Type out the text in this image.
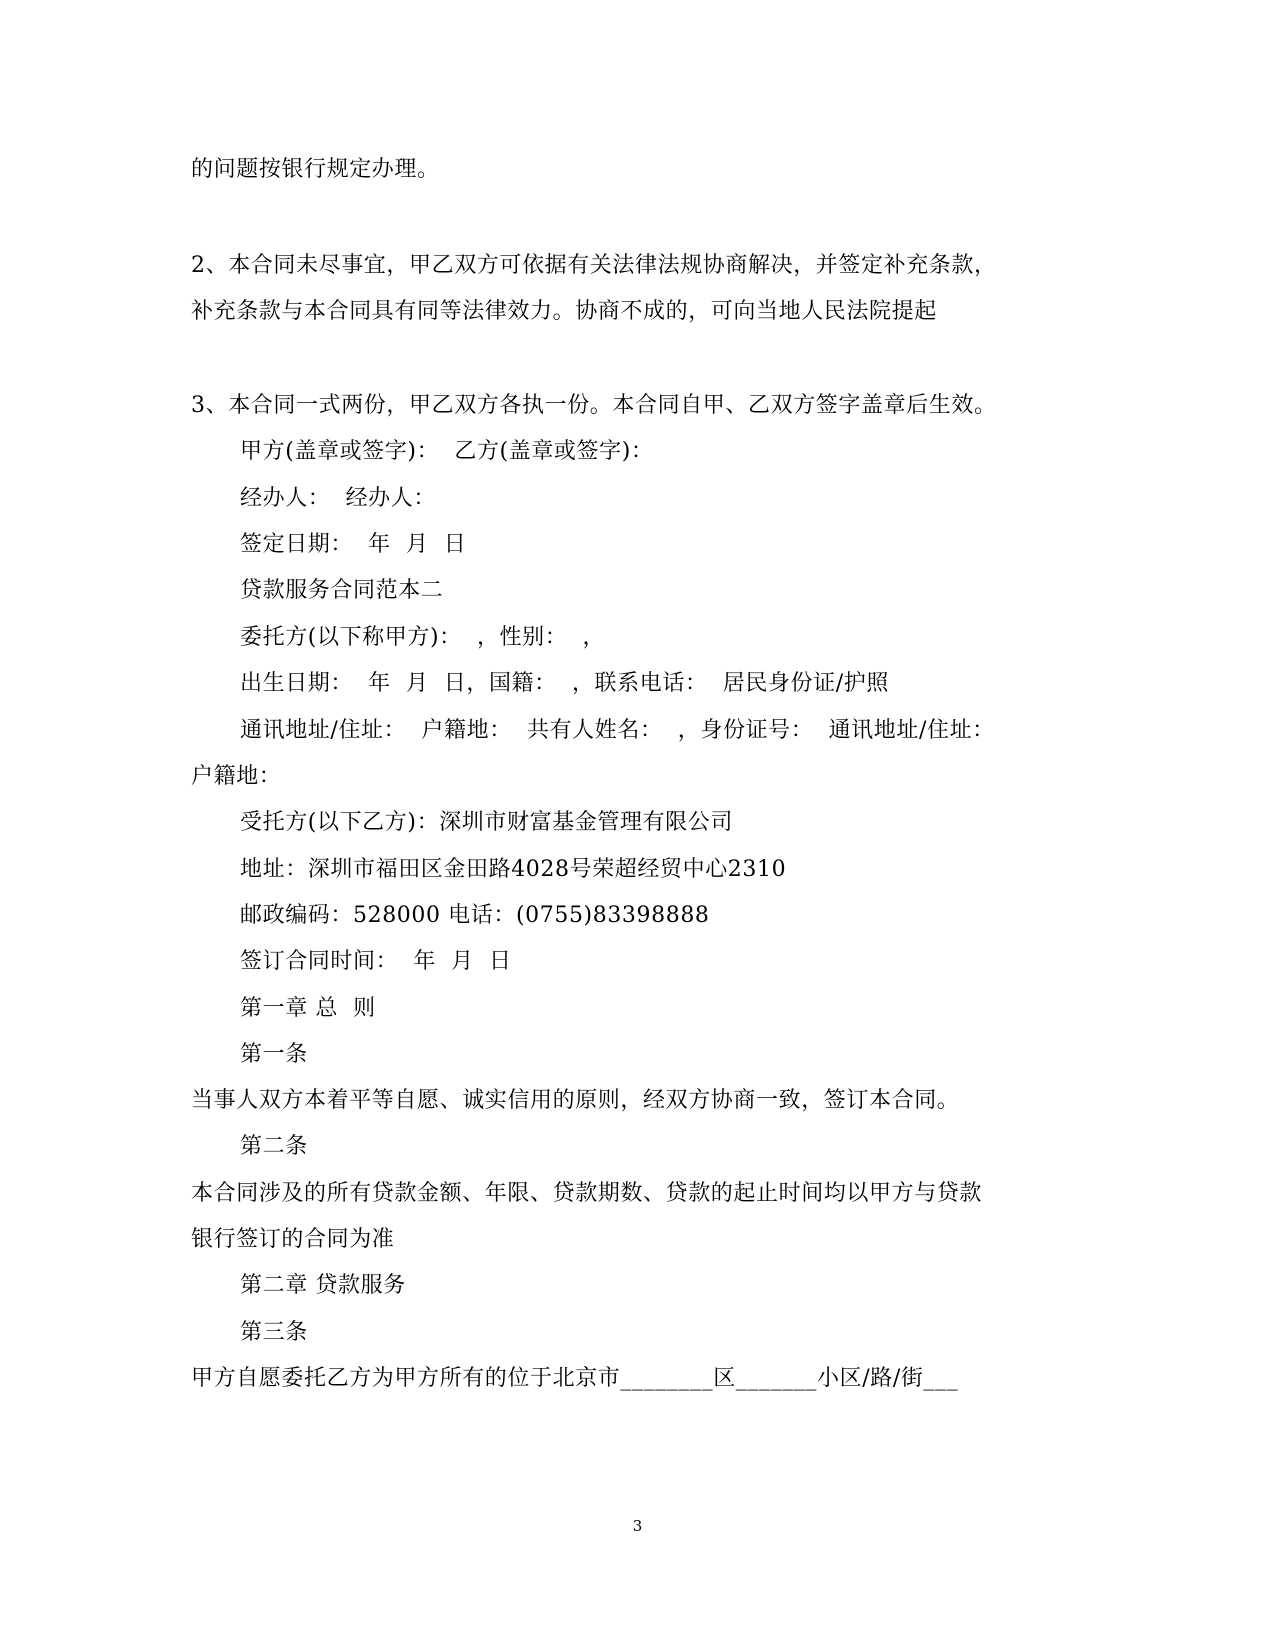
的问题按银行规定办理。
2、本合同未尽事宜，甲乙双方可依据有关法律法规协商解决，并签定补充条款，
补充条款与本合同具有同等法律效力。协商不成的，可向当地人民法院提起
3、本合同一式两份，甲乙双方各执一份。本合同自甲、乙双方签字盖章后生效。
甲方(盖章或签字)：  乙方(盖章或签字)：
经办人：  经办人：
签定日期：  年  月  日
贷款服务合同范本二
委托方(以下称甲方)：  ，性别：  ，
出生日期：  年  月  日，国籍：  ，联系电话：  居民身份证/护照
通讯地址/住址：  户籍地：  共有人姓名：  ，身份证号：  通讯地址/住址：
户籍地：
受托方(以下乙方)：深圳市财富基金管理有限公司
地址：深圳市福田区金田路4028号荣超经贸中心2310
邮政编码：528000 电话：(0755)83398888
签订合同时间：  年  月  日
第一章 总  则
第一条
当事人双方本着平等自愿、诚实信用的原则，经双方协商一致，签订本合同。
第二条
本合同涉及的所有贷款金额、年限、贷款期数、贷款的起止时间均以甲方与贷款
银行签订的合同为准
第二章 贷款服务
第三条
甲方自愿委托乙方为甲方所有的位于北京市________区_______小区/路/街___
3
